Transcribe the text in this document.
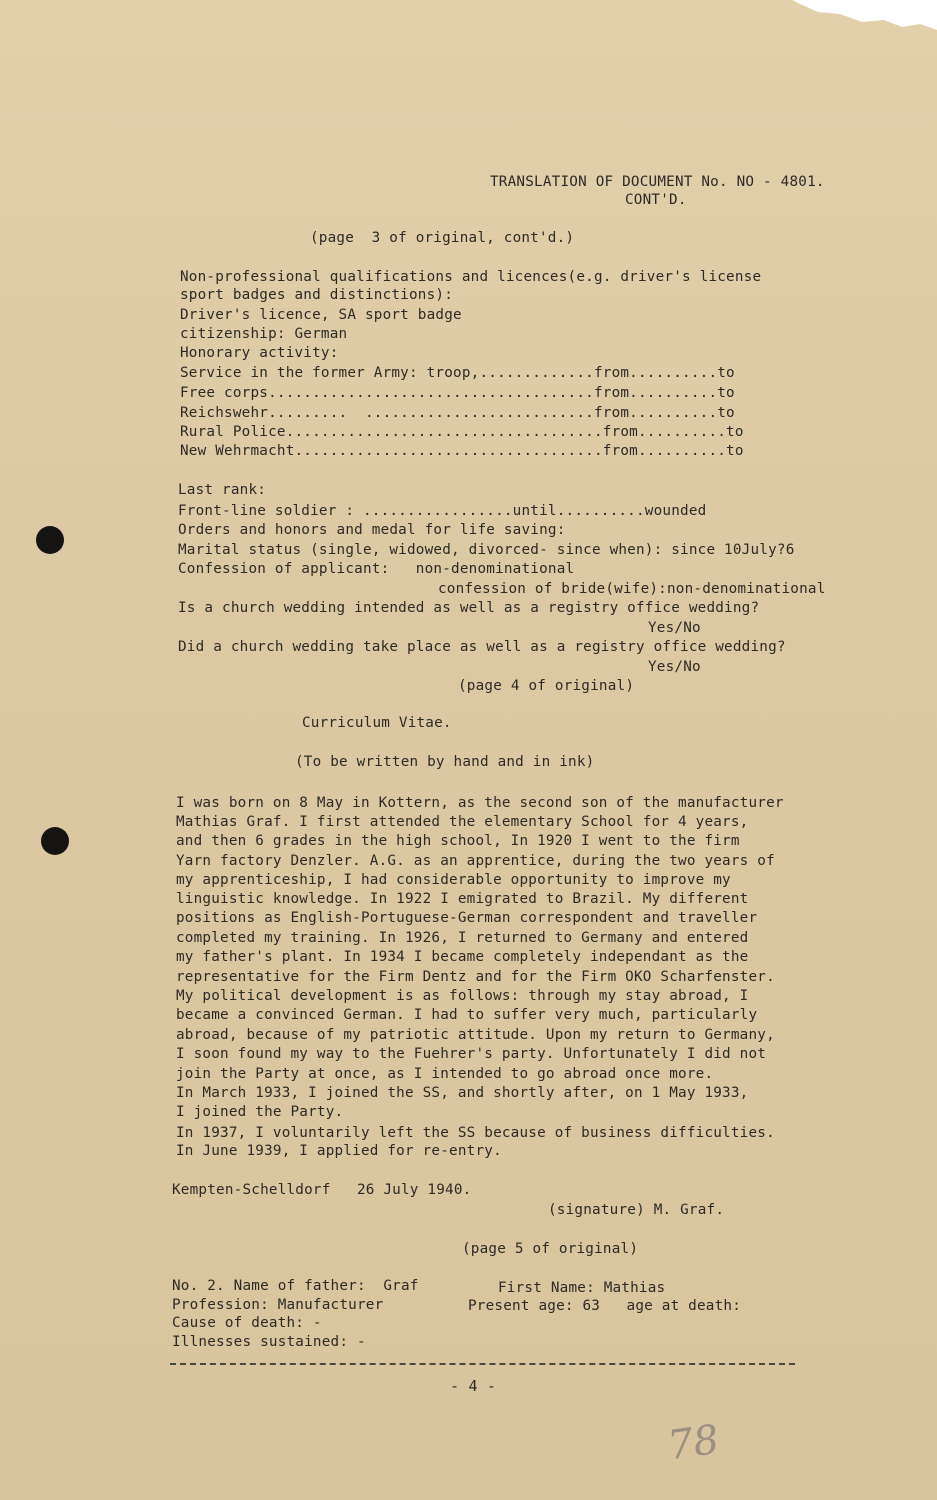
TRANSLATION OF DOCUMENT No. NO - 4801.
CONT'D.
(page  3 of original, cont'd.)
Non-professional qualifications and licences(e.g. driver's license
sport badges and distinctions):
Driver's licence, SA sport badge
citizenship: German
Honorary activity:
Service in the former Army: troop,.............from..........to
Free corps.....................................from..........to
Reichswehr.........  ..........................from..........to
Rural Police....................................from..........to
New Wehrmacht...................................from..........to
Last rank:
Front-line soldier : .................until..........wounded
Orders and honors and medal for life saving:
Marital status (single, widowed, divorced- since when): since 10July?6
Confession of applicant:   non-denominational
confession of bride(wife):non-denominational
Is a church wedding intended as well as a registry office wedding?
Yes/No
Did a church wedding take place as well as a registry office wedding?
Yes/No
(page 4 of original)
Curriculum Vitae.
(To be written by hand and in ink)
I was born on 8 May in Kottern, as the second son of the manufacturer
Mathias Graf. I first attended the elementary School for 4 years,
and then 6 grades in the high school, In 1920 I went to the firm
Yarn factory Denzler. A.G. as an apprentice, during the two years of
my apprenticeship, I had considerable opportunity to improve my
linguistic knowledge. In 1922 I emigrated to Brazil. My different
positions as English-Portuguese-German correspondent and traveller
completed my training. In 1926, I returned to Germany and entered
my father's plant. In 1934 I became completely independant as the
representative for the Firm Dentz and for the Firm OKO Scharfenster.
My political development is as follows: through my stay abroad, I
became a convinced German. I had to suffer very much, particularly
abroad, because of my patriotic attitude. Upon my return to Germany,
I soon found my way to the Fuehrer's party. Unfortunately I did not
join the Party at once, as I intended to go abroad once more.
In March 1933, I joined the SS, and shortly after, on 1 May 1933,
I joined the Party.
In 1937, I voluntarily left the SS because of business difficulties.
In June 1939, I applied for re-entry.
Kempten-Schelldorf   26 July 1940.
(signature) M. Graf.
(page 5 of original)
No. 2. Name of father:  Graf	First Name: Mathias
Profession: Manufacturer	Present age: 63   age at death:
Cause of death: -
Illnesses sustained: -
- 4 -
78
